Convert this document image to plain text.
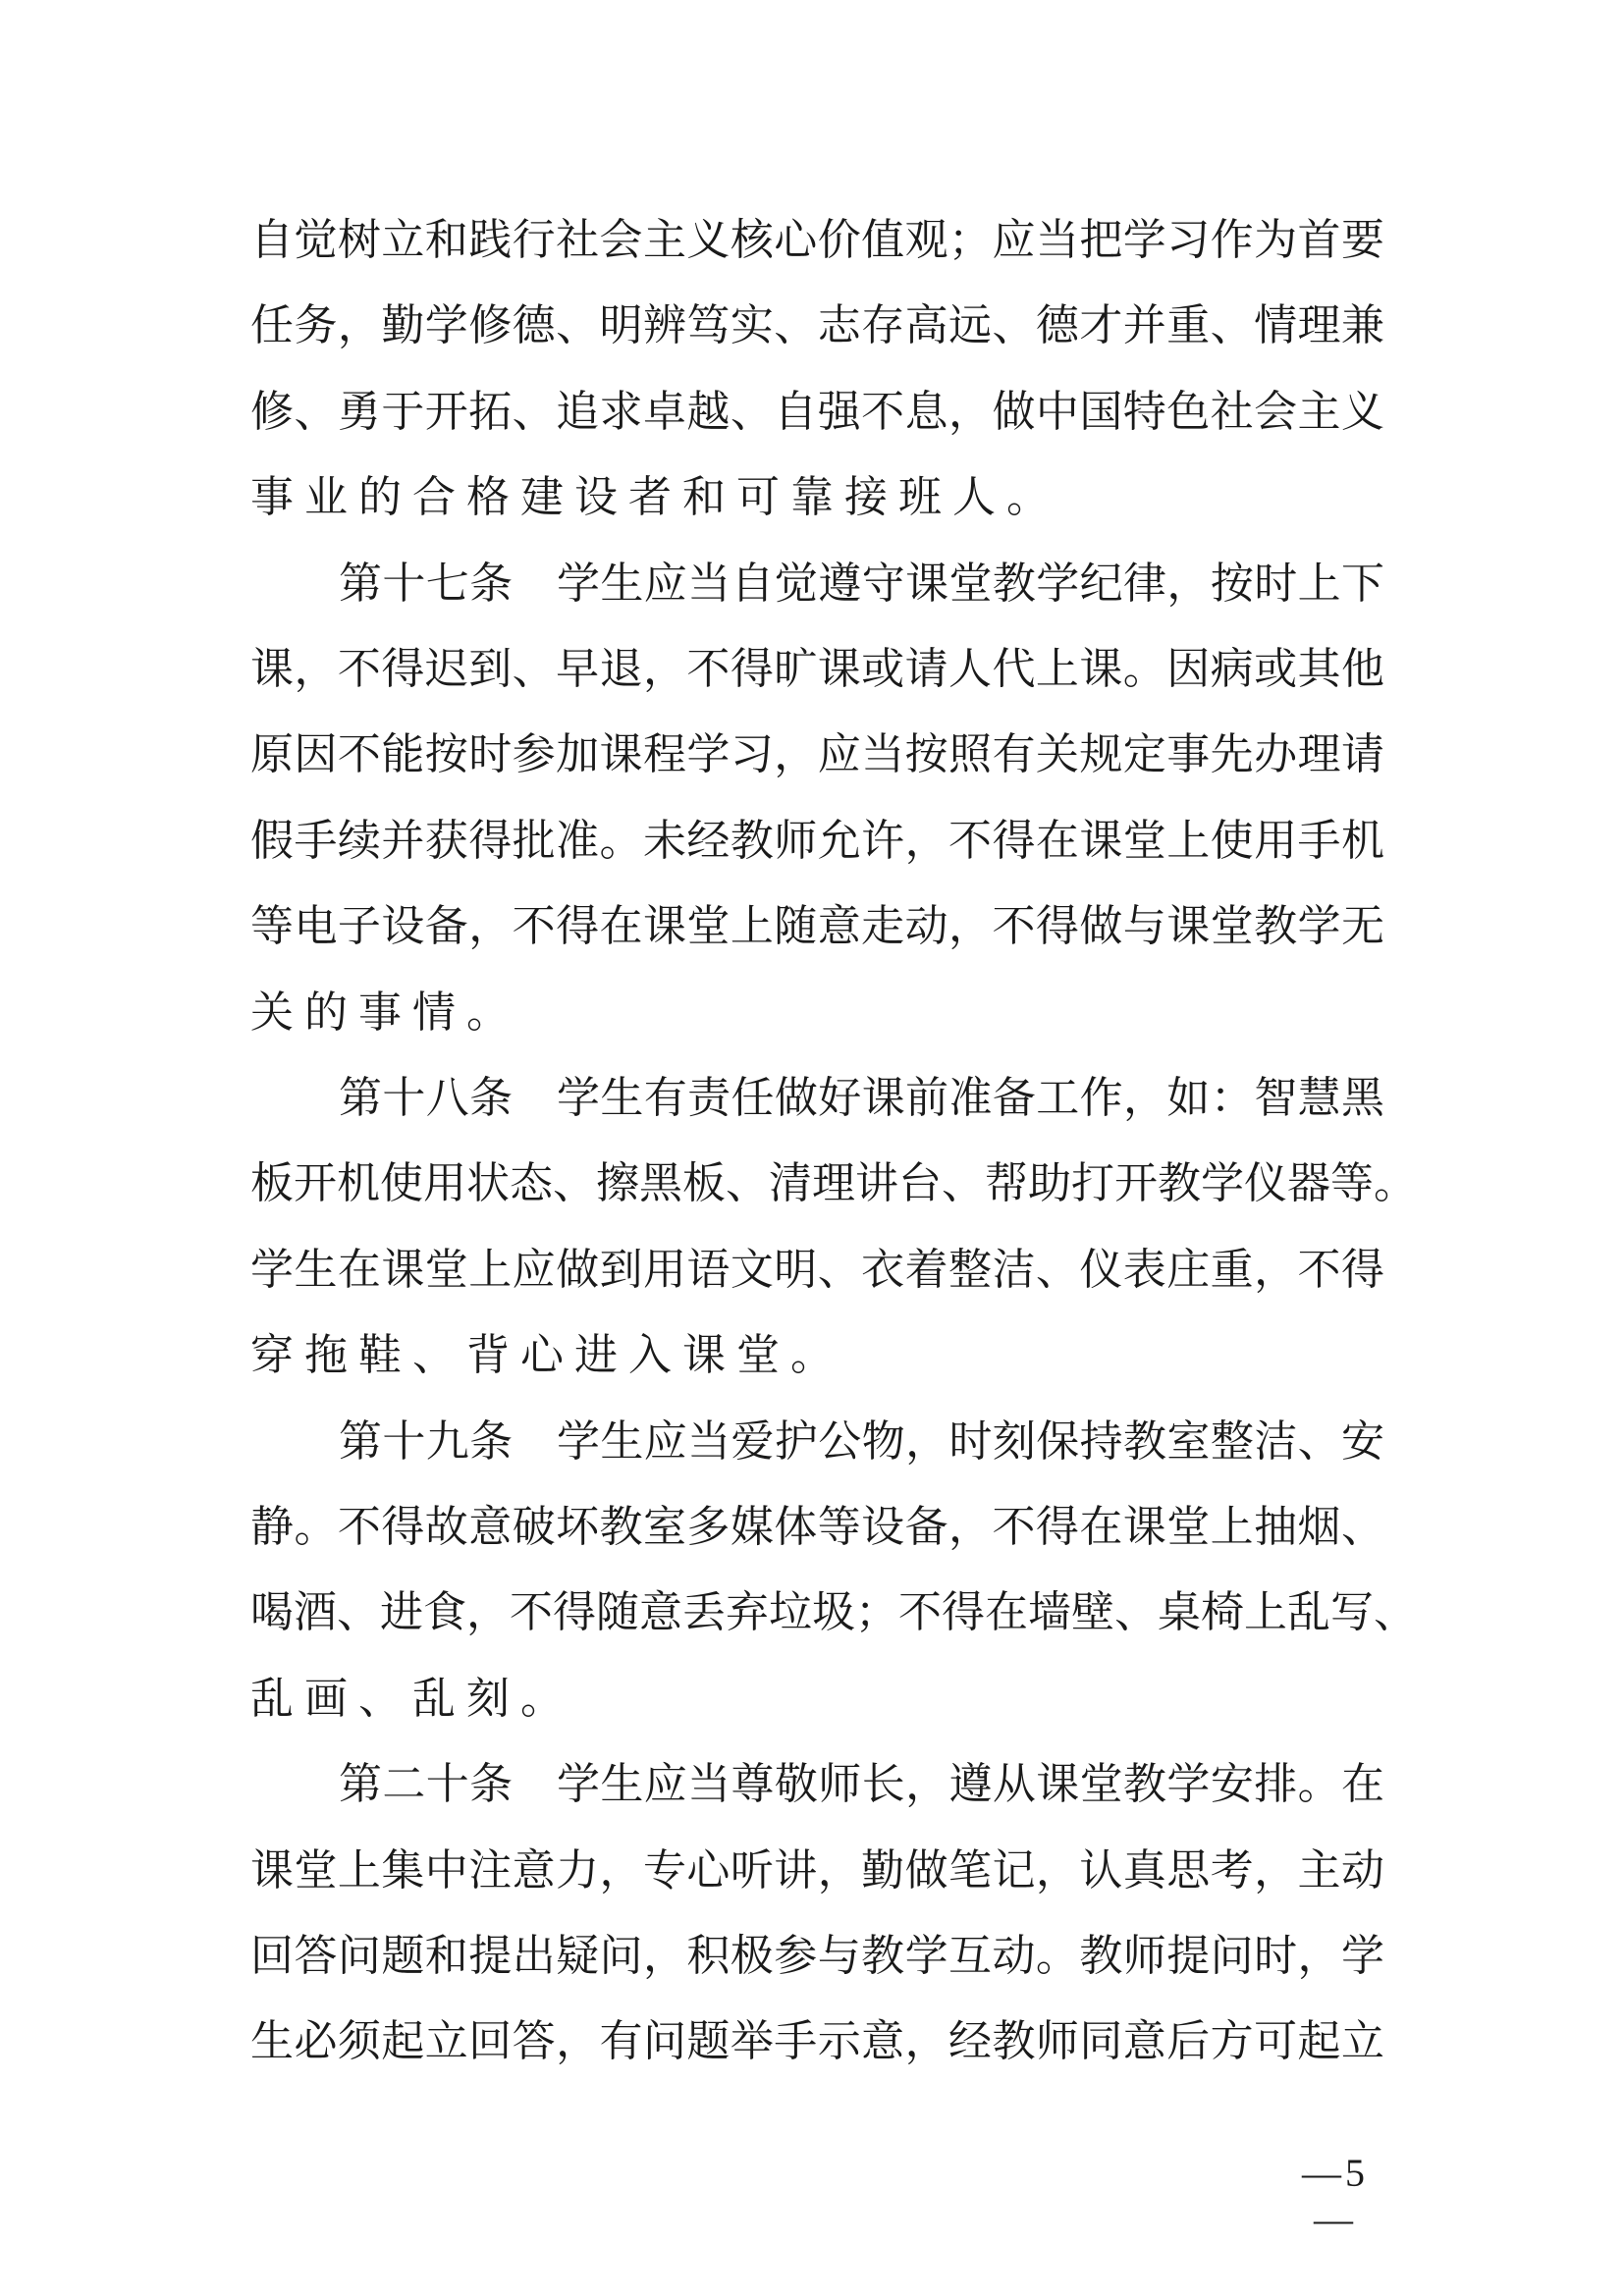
自觉树立和践行社会主义核心价值观；应当把学习作为首要
任务，勤学修德、明辨笃实、志存高远、德才并重、情理兼
修、勇于开拓、追求卓越、自强不息，做中国特色社会主义
事业的合格建设者和可靠接班人。
第十七条　学生应当自觉遵守课堂教学纪律，按时上下
课，不得迟到、早退，不得旷课或请人代上课。因病或其他
原因不能按时参加课程学习，应当按照有关规定事先办理请
假手续并获得批准。未经教师允许，不得在课堂上使用手机
等电子设备，不得在课堂上随意走动，不得做与课堂教学无
关的事情。
第十八条　学生有责任做好课前准备工作，如：智慧黑
板开机使用状态、擦黑板、清理讲台、帮助打开教学仪器等。
学生在课堂上应做到用语文明、衣着整洁、仪表庄重，不得
穿拖鞋、背心进入课堂。
第十九条　学生应当爱护公物，时刻保持教室整洁、安
静。不得故意破坏教室多媒体等设备，不得在课堂上抽烟、
喝酒、进食，不得随意丢弃垃圾；不得在墙壁、桌椅上乱写、
乱画、乱刻。
第二十条　学生应当尊敬师长，遵从课堂教学安排。在
课堂上集中注意力，专心听讲，勤做笔记，认真思考，主动
回答问题和提出疑问，积极参与教学互动。教师提问时，学
生必须起立回答，有问题举手示意，经教师同意后方可起立
—5 —
